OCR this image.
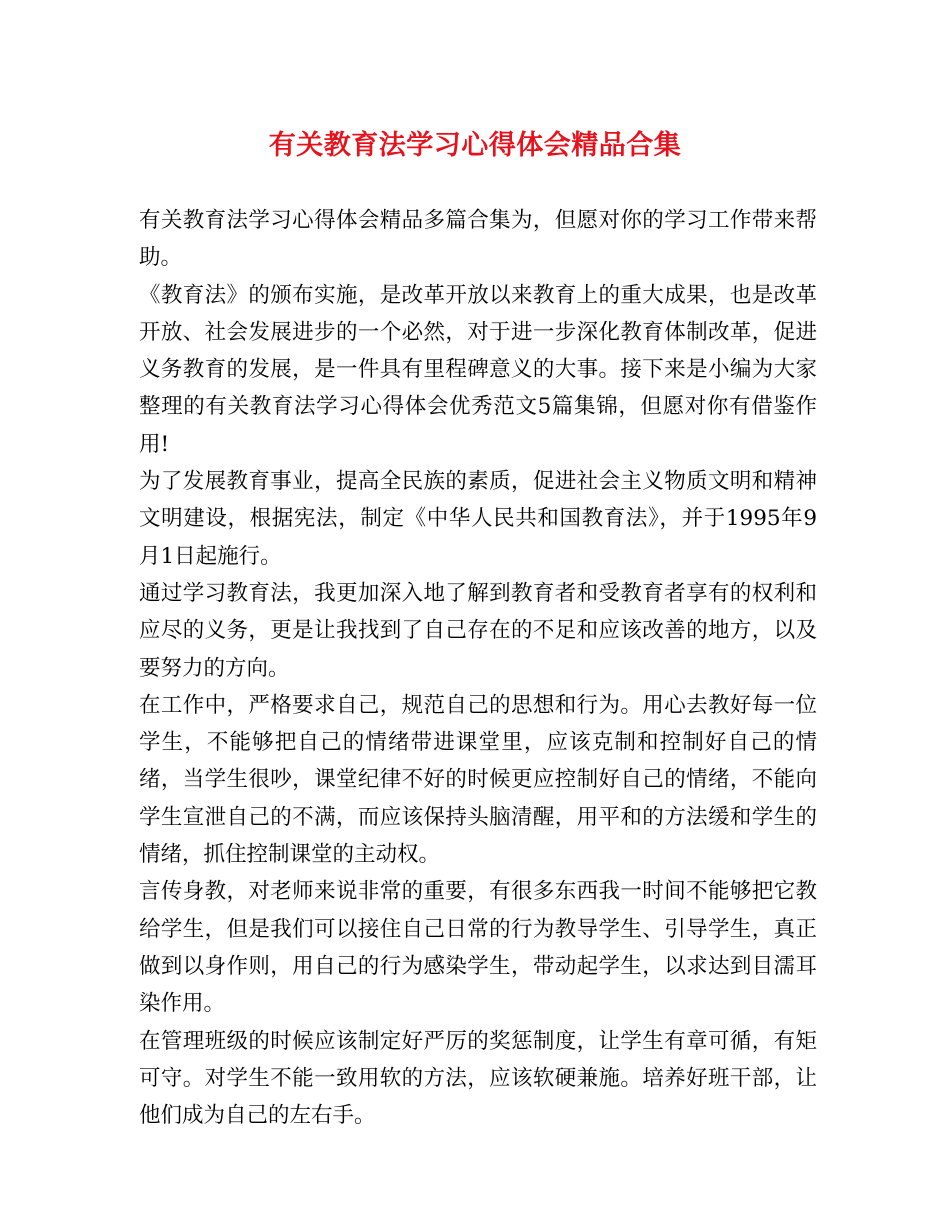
有关教育法学习心得体会精品合集

有关教育法学习心得体会精品多篇合集为，但愿对你的学习工作带来帮助。

《教育法》的颁布实施，是改革开放以来教育上的重大成果，也是改革开放、社会发展进步的一个必然，对于进一步深化教育体制改革，促进义务教育的发展，是一件具有里程碑意义的大事。接下来是小编为大家整理的有关教育法学习心得体会优秀范文5篇集锦，但愿对你有借鉴作用!

为了发展教育事业，提高全民族的素质，促进社会主义物质文明和精神文明建设，根据宪法，制定《中华人民共和国教育法》，并于1995年9月1日起施行。

通过学习教育法，我更加深入地了解到教育者和受教育者享有的权利和应尽的义务，更是让我找到了自己存在的不足和应该改善的地方，以及要努力的方向。

在工作中，严格要求自己，规范自己的思想和行为。用心去教好每一位学生，不能够把自己的情绪带进课堂里，应该克制和控制好自己的情绪，当学生很吵，课堂纪律不好的时候更应控制好自己的情绪，不能向学生宣泄自己的不满，而应该保持头脑清醒，用平和的方法缓和学生的情绪，抓住控制课堂的主动权。

言传身教，对老师来说非常的重要，有很多东西我一时间不能够把它教给学生，但是我们可以接住自己日常的行为教导学生、引导学生，真正做到以身作则，用自己的行为感染学生，带动起学生，以求达到目濡耳染作用。

在管理班级的时候应该制定好严厉的奖惩制度，让学生有章可循，有矩可守。对学生不能一致用软的方法，应该软硬兼施。培养好班干部，让他们成为自己的左右手。
